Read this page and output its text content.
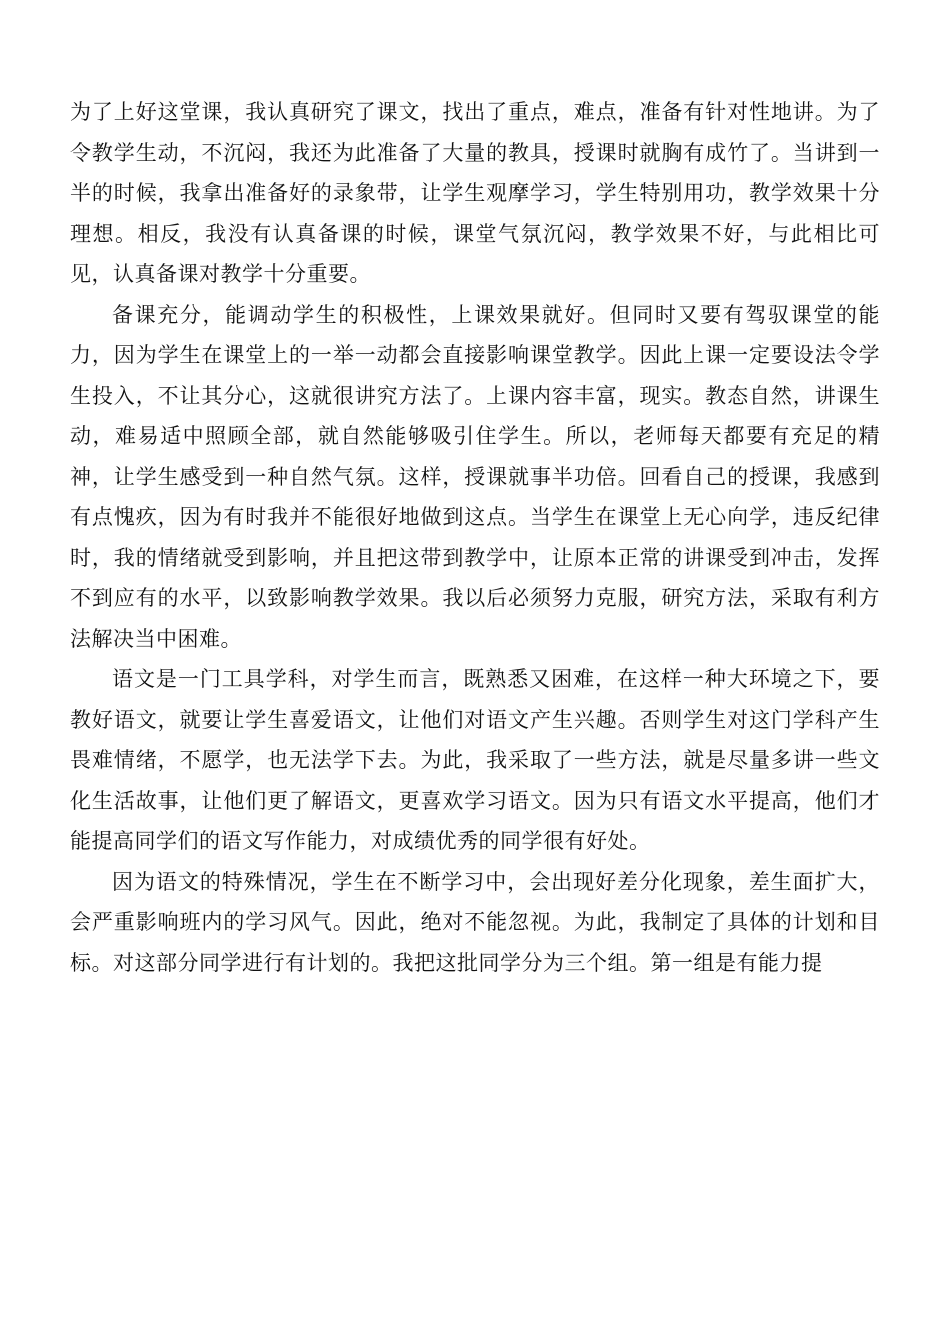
为了上好这堂课，我认真研究了课文，找出了重点，难点，准备有针对性地讲。为了令教学生动，不沉闷，我还为此准备了大量的教具，授课时就胸有成竹了。当讲到一半的时候，我拿出准备好的录象带，让学生观摩学习，学生特别用功，教学效果十分理想。相反，我没有认真备课的时候，课堂气氛沉闷，教学效果不好，与此相比可见，认真备课对教学十分重要。

备课充分，能调动学生的积极性，上课效果就好。但同时又要有驾驭课堂的能力，因为学生在课堂上的一举一动都会直接影响课堂教学。因此上课一定要设法令学生投入，不让其分心，这就很讲究方法了。上课内容丰富，现实。教态自然，讲课生动，难易适中照顾全部，就自然能够吸引住学生。所以，老师每天都要有充足的精神，让学生感受到一种自然气氛。这样，授课就事半功倍。回看自己的授课，我感到有点愧疚，因为有时我并不能很好地做到这点。当学生在课堂上无心向学，违反纪律时，我的情绪就受到影响，并且把这带到教学中，让原本正常的讲课受到冲击，发挥不到应有的水平，以致影响教学效果。我以后必须努力克服，研究方法，采取有利方法解决当中困难。

语文是一门工具学科，对学生而言，既熟悉又困难，在这样一种大环境之下，要教好语文，就要让学生喜爱语文，让他们对语文产生兴趣。否则学生对这门学科产生畏难情绪，不愿学，也无法学下去。为此，我采取了一些方法，就是尽量多讲一些文化生活故事，让他们更了解语文，更喜欢学习语文。因为只有语文水平提高，他们才能提高同学们的语文写作能力，对成绩优秀的同学很有好处。

因为语文的特殊情况，学生在不断学习中，会出现好差分化现象，差生面扩大，会严重影响班内的学习风气。因此，绝对不能忽视。为此，我制定了具体的计划和目标。对这部分同学进行有计划的。我把这批同学分为三个组。第一组是有能力提
